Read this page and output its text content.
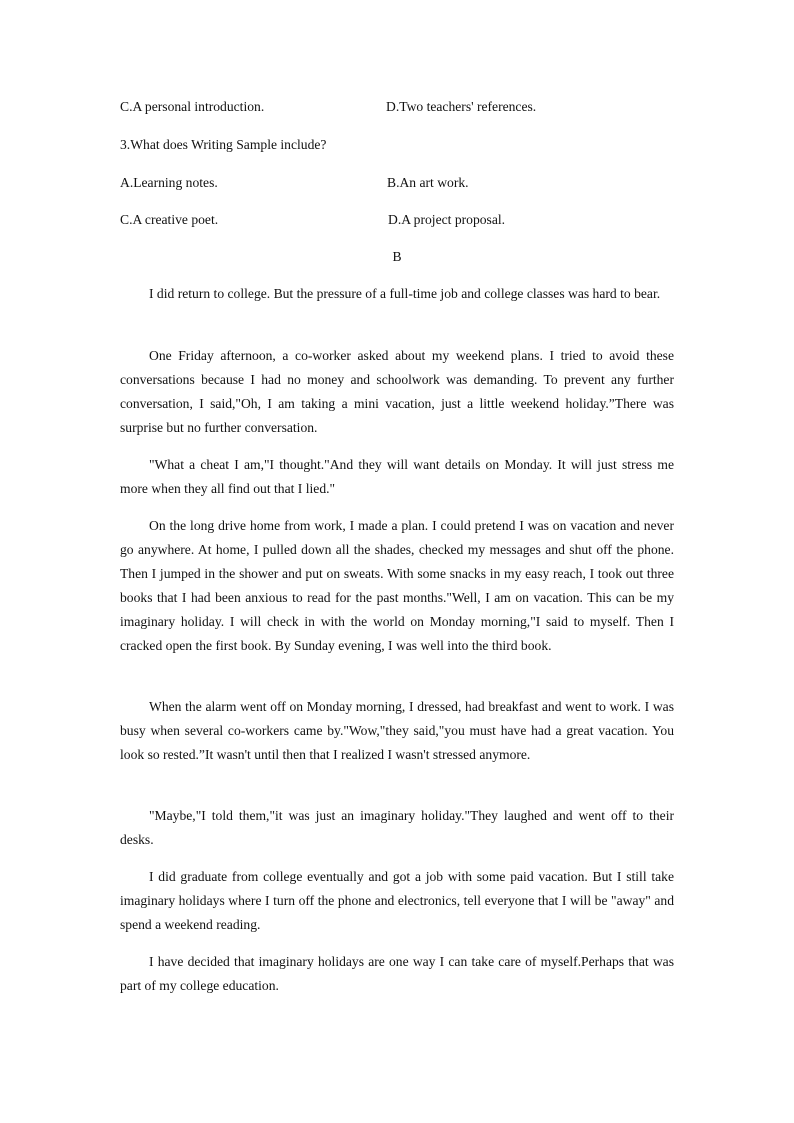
C.A personal introduction.	D.Two teachers' references.
3.What does Writing Sample include?
A.Learning notes.	B.An art work.
C.A creative poet.	D.A project proposal.
B

I did return to college. But the pressure of a full-time job and college classes was hard to bear.

One Friday afternoon, a co-worker asked about my weekend plans. I tried to avoid these conversations because I had no money and schoolwork was demanding. To prevent any further conversation, I said,"Oh, I am taking a mini vacation, just a little weekend holiday.”There was surprise but no further conversation.

"What a cheat I am,"I thought."And they will want details on Monday. It will just stress me more when they all find out that I lied."

On the long drive home from work, I made a plan. I could pretend I was on vacation and never go anywhere. At home, I pulled down all the shades, checked my messages and shut off the phone. Then I jumped in the shower and put on sweats. With some snacks in my easy reach, I took out three books that I had been anxious to read for the past months."Well, I am on vacation. This can be my imaginary holiday. I will check in with the world on Monday morning,"I said to myself. Then I cracked open the first book. By Sunday evening, I was well into the third book.

When the alarm went off on Monday morning, I dressed, had breakfast and went to work. I was busy when several co-workers came by."Wow,"they said,"you must have had a great vacation. You look so rested.”It wasn't until then that I realized I wasn't stressed anymore.

"Maybe,"I told them,"it was just an imaginary holiday."They laughed and went off to their desks.

I did graduate from college eventually and got a job with some paid vacation. But I still take imaginary holidays where I turn off the phone and electronics, tell everyone that I will be "away" and spend a weekend reading.

I have decided that imaginary holidays are one way I can take care of myself.Perhaps that was part of my college education.
